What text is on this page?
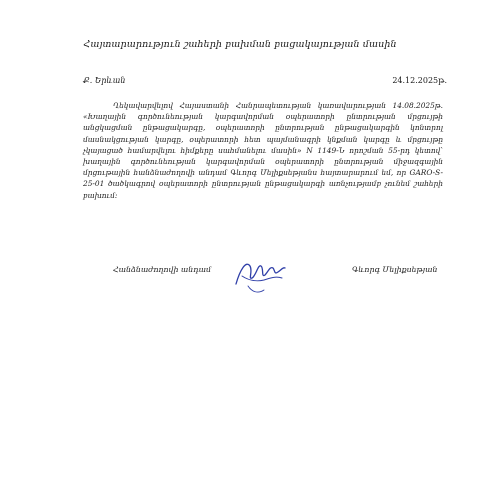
Հայտարարություն շահերի բախման բացակայության մասին
Ք. Երևան	24.12.2025թ.

Ղեկավարվելով Հայաստանի Հանրապետության կառավարության 14.08.2025թ. «Խաղային գործունեության կարգավորման օպերատորի ընտրության մրցույթի անցկացման ընթացակարգը, օպերատորի ընտրության ընթացակարգին կոնտրոլ մասնակցության կարգը, օպերատորի հետ պայմանագրի կնքման կարգը և մրցույթը չկայացած համարվելու հիմքերը սահմանելու մասին» N 1149-Ն որոշման 55-րդ կետով՝ խաղային գործունեության կարգավորման օպերատորի ընտրության միջազգային մրցութային հանձնաժողովի անդամ Գևորգ Մելիքսեթյանս հայտարարում եմ, որ GARO-S-25-01 ծածկագրով օպերատորի ընտրության ընթացակարգի առնչությամբ չունեմ շահերի բախում:

Հանձնաժողովի անդամ	Գևորգ Մելիքսեթյան
